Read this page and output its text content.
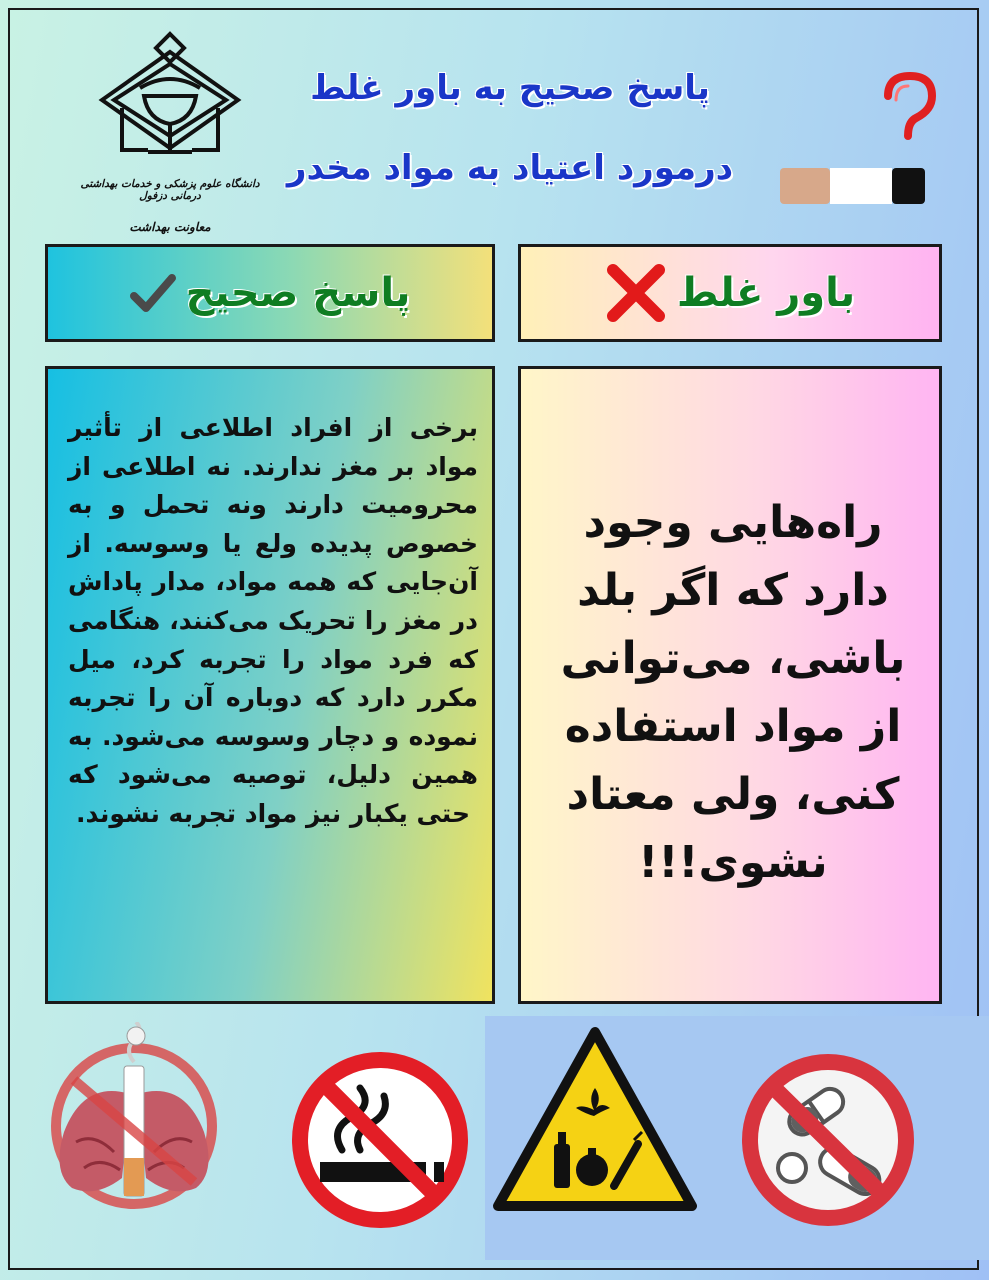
دانشگاه علوم پزشکی و خدمات بهداشتی درمانی دزفول
معاونت بهداشت
پاسخ صحیح به باور غلط
درمورد اعتیاد به مواد مخدر
پاسخ صحیح	باور غلط
برخی از افراد اطلاعی از تأثیر مواد بر مغز ندارند. نه اطلاعی از محرومیت دارند ونه تحمل و به خصوص پدیده ولع یا وسوسه. از آن‌جایی که همه مواد، مدار پاداش در مغز را تحریک می‌کنند، هنگامی که فرد مواد را تجربه کرد، میل مکرر دارد که دوباره آن را تجربه نموده و دچار وسوسه می‌شود. به همین دلیل، توصیه می‌شود که حتی یکبار نیز مواد تجربه نشوند.
راه‌هایی وجود دارد که اگر بلد باشی، می‌توانی از مواد استفاده کنی، ولی معتاد نشوی!!!
